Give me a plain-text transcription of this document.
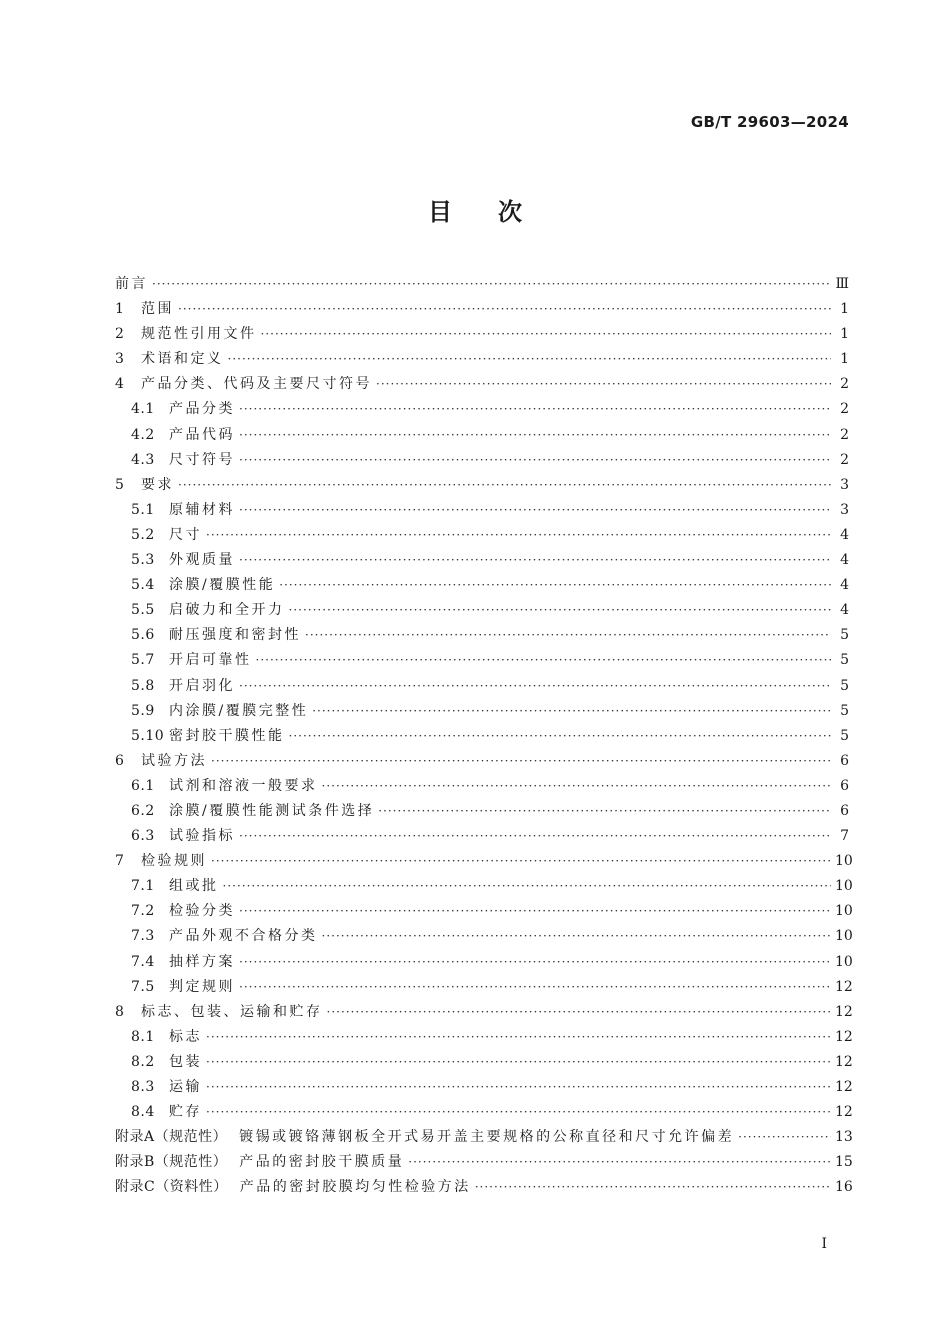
GB/T 29603—2024
目次
前言 ·····	Ⅲ
1	范围 ·····	1
2	规范性引用文件 ·····	1
3	术语和定义 ·····	1
4	产品分类、代码及主要尺寸符号 ·····	2
4.1	产品分类 ·····	2
4.2	产品代码 ·····	2
4.3	尺寸符号 ·····	2
5	要求 ·····	3
5.1	原辅材料 ·····	3
5.2	尺寸 ·····	4
5.3	外观质量 ·····	4
5.4	涂膜/覆膜性能 ·····	4
5.5	启破力和全开力 ·····	4
5.6	耐压强度和密封性 ·····	5
5.7	开启可靠性 ·····	5
5.8	开启羽化 ·····	5
5.9	内涂膜/覆膜完整性 ·····	5
5.10 密封胶干膜性能 ·····	5
6	试验方法 ·····	6
6.1	试剂和溶液一般要求 ·····	6
6.2	涂膜/覆膜性能测试条件选择 ·····	6
6.3	试验指标 ·····	7
7	检验规则 ·····	10
7.1	组或批 ·····	10
7.2	检验分类 ·····	10
7.3	产品外观不合格分类 ·····	10
7.4	抽样方案 ·····	10
7.5	判定规则 ·····	12
8	标志、包装、运输和贮存 ·····	12
8.1	标志 ·····	12
8.2	包装 ·····	12
8.3	运输 ·····	12
8.4	贮存 ·····	12
附录A（规范性） 镀锡或镀铬薄钢板全开式易开盖主要规格的公称直径和尺寸允许偏差 ·····	13
附录B（规范性） 产品的密封胶干膜质量 ·····	15
附录C（资料性） 产品的密封胶膜均匀性检验方法 ·····	16
I
